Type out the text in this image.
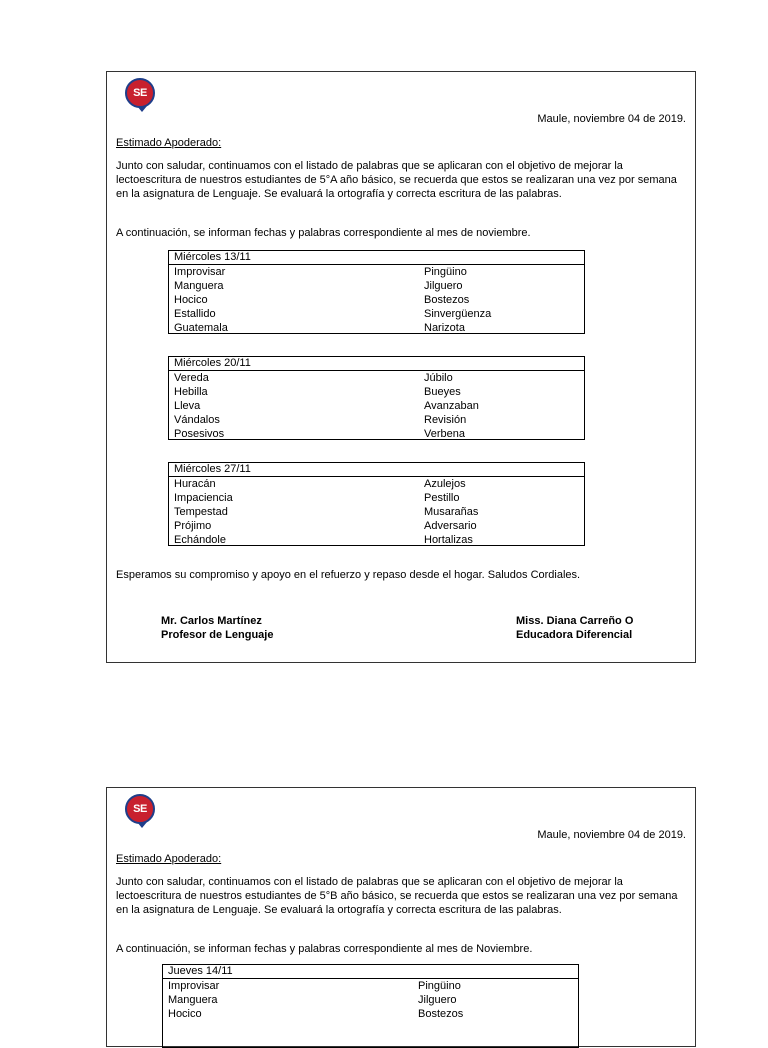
SE
Maule, noviembre 04 de 2019.
Estimado Apoderado:

Junto con saludar, continuamos con el listado de palabras que se aplicaran con el objetivo de mejorar la lectoescritura de nuestros estudiantes de 5°A año básico, se recuerda que estos se realizaran una vez por semana en la asignatura de Lenguaje. Se evaluará la ortografía y correcta escritura de las palabras.

A continuación, se informan fechas y palabras correspondiente al mes de noviembre.

Miércoles 13/11
Improvisar	Pingüino
Manguera	Jilguero
Hocico	Bostezos
Estallido	Sinvergüenza
Guatemala	Narizota
Miércoles 20/11
Vereda	Júbilo
Hebilla	Bueyes
Lleva	Avanzaban
Vándalos	Revisión
Posesivos	Verbena
Miércoles 27/11
Huracán	Azulejos
Impaciencia	Pestillo
Tempestad	Musarañas
Prójimo	Adversario
Echándole	Hortalizas
Esperamos su compromiso y apoyo en el refuerzo y repaso desde el hogar. Saludos Cordiales.
Mr. Carlos Martínez
Profesor de Lenguaje
Miss. Diana Carreño O
Educadora Diferencial
SE
Maule, noviembre 04 de 2019.
Estimado Apoderado:

Junto con saludar, continuamos con el listado de palabras que se aplicaran con el objetivo de mejorar la lectoescritura de nuestros estudiantes de 5°B año básico, se recuerda que estos se realizaran una vez por semana en la asignatura de Lenguaje. Se evaluará la ortografía y correcta escritura de las palabras.

A continuación, se informan fechas y palabras correspondiente al mes de Noviembre.

Jueves 14/11
Improvisar	Pingüino
Manguera	Jilguero
Hocico	Bostezos
